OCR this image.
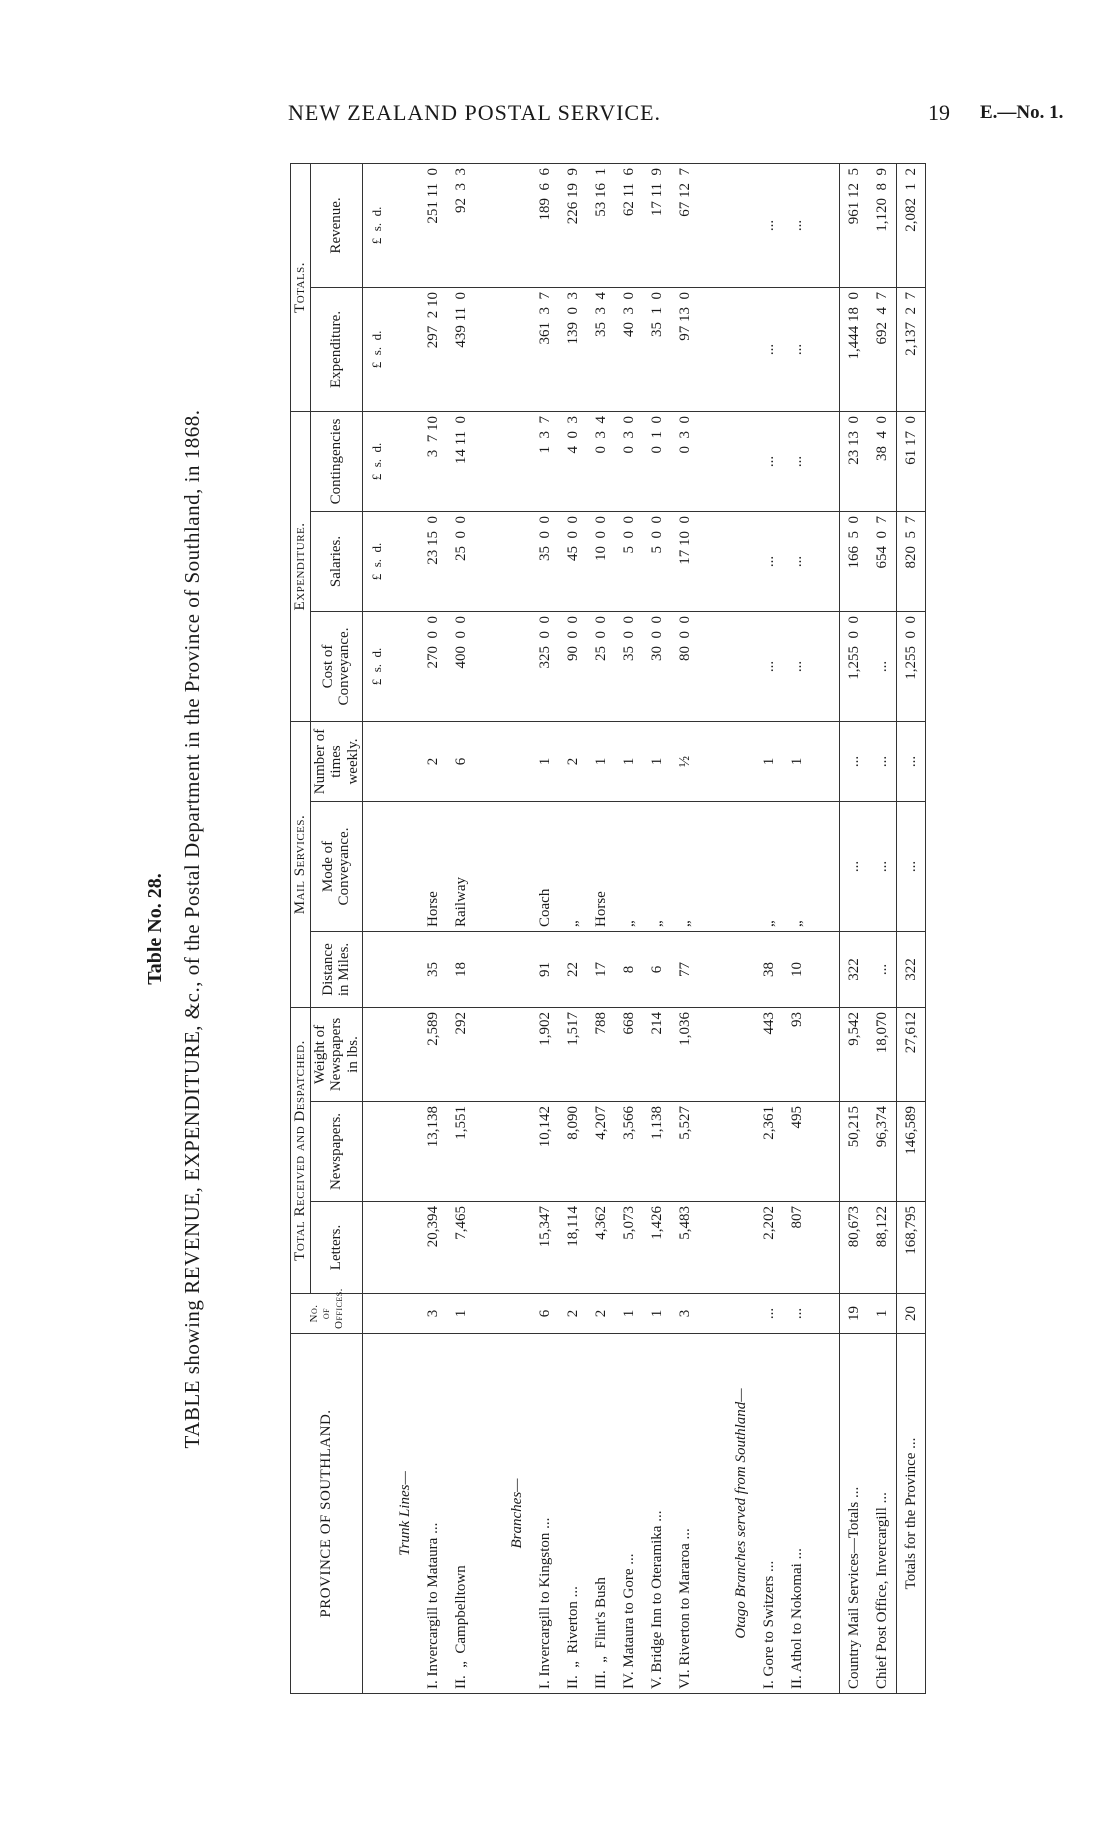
NEW ZEALAND POSTAL SERVICE.	19 E.—No. 1.
Table No. 28. TABLE showing REVENUE, EXPENDITURE, &c., of the Postal Department in the Province of Southland, in 1868.
PROVINCE OF SOUTHLAND.	No. of Offices.	Total Received and Despatched.			Mail Services.			Expenditure.			Totals.	
		Letters.	Newspapers.	Weight of Newspapers in lbs.	Distance in Miles.	Mode of Conveyance.	Number of times weekly.	Cost of Conveyance.	Salaries.	Contingencies	Expenditure.	Revenue.
								£  s.  d.	£  s.  d.	£  s.  d.	£  s.  d.	£  s.  d.
Trunk Lines—												
I. Invercargill to Mataura ...	3	20,394	13,138	2,589	35	Horse	2	270  0  0	23 15  0	3  7 10	297  2 10	251 11  0
II.  „  Campbelltown	1	7,465	1,551	292	18	Railway	6	400  0  0	25  0  0	14 11  0	439 11  0	92  3  3

Branches—												
I. Invercargill to Kingston ...	6	15,347	10,142	1,902	91	Coach	1	325  0  0	35  0  0	1  3  7	361  3  7	189  6  6
II.  „  Riverton ...	2	18,114	8,090	1,517	22	„	2	90  0  0	45  0  0	4  0  3	139  0  3	226 19  9
III.  „  Flint's Bush	2	4,362	4,207	788	17	Horse	1	25  0  0	10  0  0	0  3  4	35  3  4	53 16  1
IV. Mataura to Gore ...	1	5,073	3,566	668	8	„	1	35  0  0	5  0  0	0  3  0	40  3  0	62 11  6
V. Bridge Inn to Oteramika ...	1	1,426	1,138	214	6	„	1	30  0  0	5  0  0	0  1  0	35  1  0	17 11  9
VI. Riverton to Mararoa ...	3	5,483	5,527	1,036	77	„	½	80  0  0	17 10  0	0  3  0	97 13  0	67 12  7

Otago Branches served from Southland—												
I. Gore to Switzers ...	...	2,202	2,361	443	38	„	1	...	...	...	...	...
II. Athol to Nokomai ...	...	807	495	93	10	„	1	...	...	...	...	...

Country Mail Services—Totals ...	19	80,673	50,215	9,542	322	...	...	1,255  0  0	166  5  0	23 13  0	1,444 18  0	961 12  5
Chief Post Office, Invercargill ...	1	88,122	96,374	18,070	...	...	...	...	654  0  7	38  4  0	692  4  7	1,120  8  9
Totals for the Province ...	20	168,795	146,589	27,612	322	...	...	1,255  0  0	820  5  7	61 17  0	2,137  2  7	2,082  1  2
